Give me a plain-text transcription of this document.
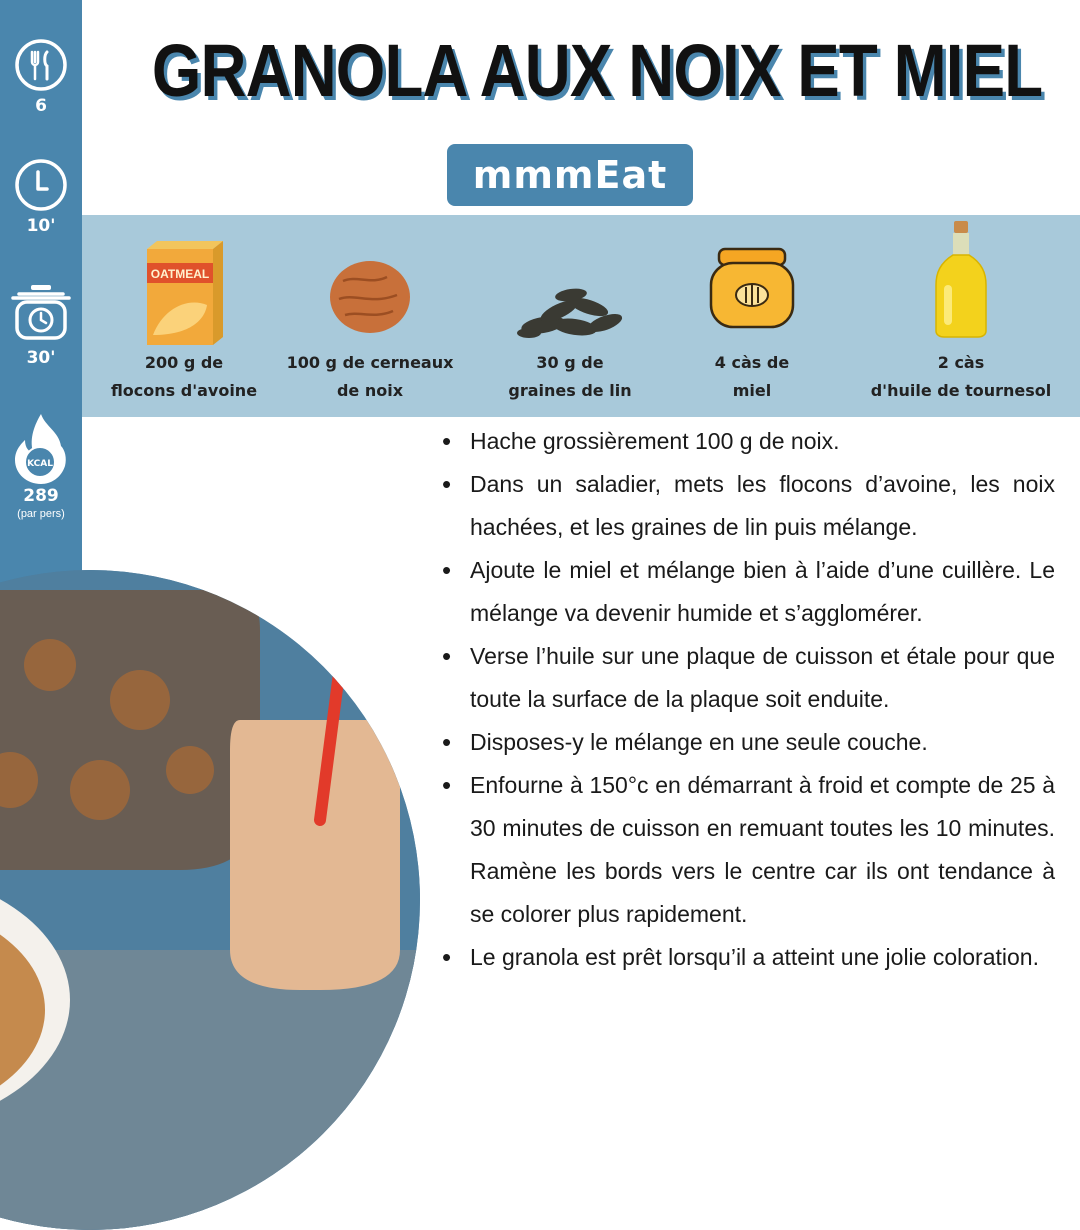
6
10'
30'
KCAL
289
(par pers)
GRANOLA AUX NOIX ET MIEL
mmmEat
OATMEAL
200 g de
flocons d'avoine
100 g de cerneaux
de noix
30 g de
graines de lin
4 càs de
miel
2 càs
d'huile de tournesol
• Hache grossièrement 100 g de noix.
• Dans un saladier, mets les flocons d’avoine, les noix hachées, et les graines de lin puis mélange.
• Ajoute le miel et mélange bien à l’aide d’une cuillère. Le mélange va devenir humide et s’agglomérer.
• Verse l’huile sur une plaque de cuisson et étale pour que toute la surface de la plaque soit enduite.
• Disposes-y le mélange en une seule couche.
• Enfourne à 150°c en démarrant à froid et compte de 25 à 30 minutes de cuisson en remuant toutes les 10 minutes. Ramène les bords vers le centre car ils ont tendance à se colorer plus rapidement.
• Le granola est prêt lorsqu’il a atteint une jolie coloration.
